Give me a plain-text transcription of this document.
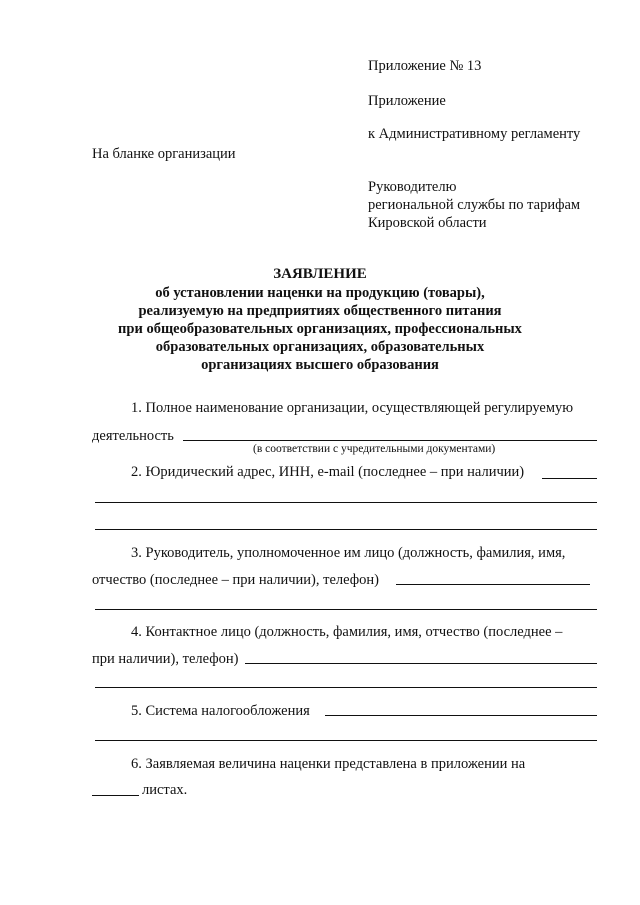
Приложение № 13
Приложение
к Административному регламенту
На бланке организации
Руководителю
региональной службы по тарифам
Кировской области
ЗАЯВЛЕНИЕ
об установлении наценки на продукцию (товары),
реализуемую на предприятиях общественного питания
при общеобразовательных организациях, профессиональных
образовательных организациях, образовательных
организациях высшего образования
1. Полное наименование организации, осуществляющей регулируемую
деятельность
(в соответствии с учредительными документами)
2. Юридический адрес, ИНН, e-mail (последнее – при наличии)
3. Руководитель, уполномоченное им лицо (должность, фамилия, имя,
отчество (последнее – при наличии), телефон)
4. Контактное лицо (должность, фамилия, имя, отчество (последнее –
при наличии), телефон)
5. Система налогообложения
6. Заявляемая величина наценки представлена в приложении на
листах.
